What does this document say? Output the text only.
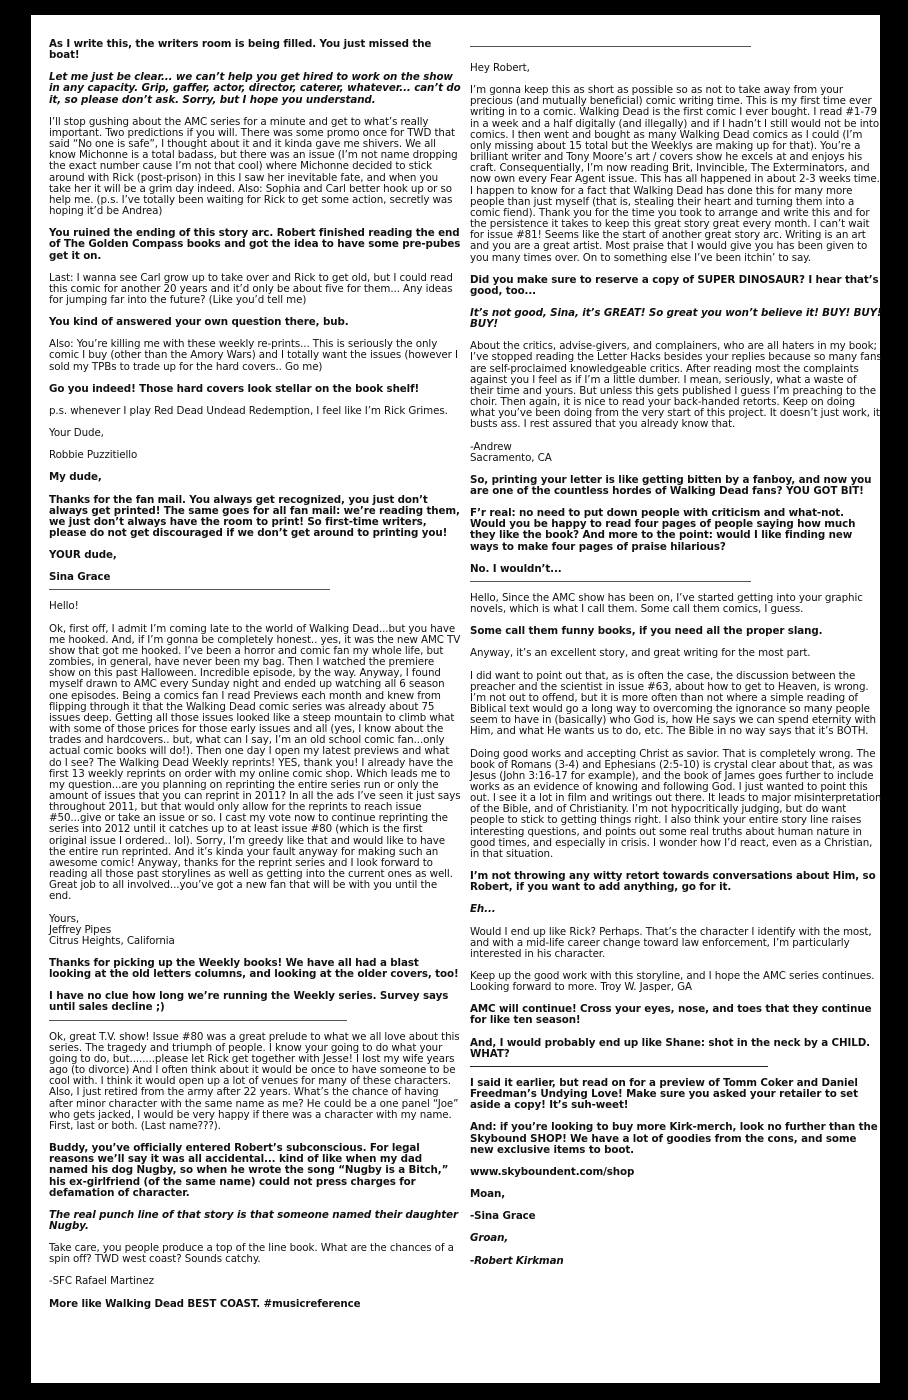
As I write this, the writers room is being filled. You just missed the boat!

Let me just be clear... we can’t help you get hired to work on the show in any capacity. Grip, gaffer, actor, director, caterer, whatever... can’t do it, so please don’t ask. Sorry, but I hope you understand.

I’ll stop gushing about the AMC series for a minute and get to what’s really important. Two predictions if you will. There was some promo once for TWD that said “No one is safe”, I thought about it and it kinda gave me shivers. We all know Michonne is a total badass, but there was an issue (I’m not name dropping the exact number cause I’m not that cool) where Michonne decided to stick around with Rick (post-prison) in this I saw her inevitable fate, and when you take her it will be a grim day indeed. Also: Sophia and Carl better hook up or so help me. (p.s. I’ve totally been waiting for Rick to get some action, secretly was hoping it’d be Andrea)

You ruined the ending of this story arc. Robert finished reading the end of The Golden Compass books and got the idea to have some pre-pubes get it on.

Last: I wanna see Carl grow up to take over and Rick to get old, but I could read this comic for another 20 years and it’d only be about five for them... Any ideas for jumping far into the future? (Like you’d tell me)

You kind of answered your own question there, bub.

Also: You’re killing me with these weekly re-prints... This is seriously the only comic I buy (other than the Amory Wars) and I totally want the issues (however I sold my TPBs to trade up for the hard covers.. Go me)

Go you indeed! Those hard covers look stellar on the book shelf!

p.s. whenever I play Red Dead Undead Redemption, I feel like I’m Rick Grimes.

Your Dude,

Robbie Puzzitiello

My dude,

Thanks for the fan mail. You always get recognized, you just don’t always get printed! The same goes for all fan mail: we’re reading them, we just don’t always have the room to print! So first-time writers, please do not get discouraged if we don’t get around to printing you!

YOUR dude,

Sina Grace

Hello!

Ok, first off, I admit I’m coming late to the world of Walking Dead...but you have me hooked. And, if I’m gonna be completely honest.. yes, it was the new AMC TV show that got me hooked. I’ve been a horror and comic fan my whole life, but zombies, in general, have never been my bag. Then I watched the premiere show on this past Halloween. Incredible episode, by the way. Anyway, I found myself drawn to AMC every Sunday night and ended up watching all 6 season one episodes. Being a comics fan I read Previews each month and knew from flipping through it that the Walking Dead comic series was already about 75 issues deep. Getting all those issues looked like a steep mountain to climb what with some of those prices for those early issues and all (yes, I know about the trades and hardcovers.. but, what can I say, I’m an old school comic fan...only actual comic books will do!). Then one day I open my latest previews and what do I see? The Walking Dead Weekly reprints! YES, thank you! I already have the first 13 weekly reprints on order with my online comic shop. Which leads me to my question...are you planning on reprinting the entire series run or only the amount of issues that you can reprint in 2011? In all the ads I’ve seen it just says throughout 2011, but that would only allow for the reprints to reach issue #50...give or take an issue or so. I cast my vote now to continue reprinting the series into 2012 until it catches up to at least issue #80 (which is the first original issue I ordered.. lol). Sorry, I’m greedy like that and would like to have the entire run reprinted. And it’s kinda your fault anyway for making such an awesome comic! Anyway, thanks for the reprint series and I look forward to reading all those past storylines as well as getting into the current ones as well. Great job to all involved...you’ve got a new fan that will be with you until the end.

Yours,
Jeffrey Pipes
Citrus Heights, California

Thanks for picking up the Weekly books! We have all had a blast looking at the old letters columns, and looking at the older covers, too!

I have no clue how long we’re running the Weekly series. Survey says until sales decline ;)

Ok, great T.V. show! Issue #80 was a great prelude to what we all love about this series. The tragedy and triumph of people. I know your going to do what your going to do, but........please let Rick get together with Jesse! I lost my wife years ago (to divorce) And I often think about it would be once to have someone to be cool with. I think it would open up a lot of venues for many of these characters. Also, I just retired from the army after 22 years. What’s the chance of having after minor character with the same name as me? He could be a one panel “Joe” who gets jacked, I would be very happy if there was a character with my name. First, last or both. (Last name???).

Buddy, you’ve officially entered Robert’s subconscious. For legal reasons we’ll say it was all accidental... kind of like when my dad named his dog Nugby, so when he wrote the song “Nugby is a Bitch,” his ex-girlfriend (of the same name) could not press charges for defamation of character.

The real punch line of that story is that someone named their daughter Nugby.

Take care, you people produce a top of the line book. What are the chances of a spin off? TWD west coast? Sounds catchy.

-SFC Rafael Martinez

More like Walking Dead BEST COAST. #musicreference

Hey Robert,

I’m gonna keep this as short as possible so as not to take away from your precious (and mutually beneficial) comic writing time. This is my first time ever writing in to a comic. Walking Dead is the first comic I ever bought. I read #1-79 in a week and a half digitally (and illegally) and if I hadn’t I still would not be into comics. I then went and bought as many Walking Dead comics as I could (I’m only missing about 15 total but the Weeklys are making up for that). You’re a brilliant writer and Tony Moore’s art / covers show he excels at and enjoys his craft. Consequentially, I’m now reading Brit, Invincible, The Exterminators, and now own every Fear Agent issue. This has all happened in about 2-3 weeks time. I happen to know for a fact that Walking Dead has done this for many more people than just myself (that is, stealing their heart and turning them into a comic fiend). Thank you for the time you took to arrange and write this and for the persistence it takes to keep this great story great every month. I can’t wait for issue #81! Seems like the start of another great story arc. Writing is an art and you are a great artist. Most praise that I would give you has been given to you many times over. On to something else I’ve been itchin’ to say.

Did you make sure to reserve a copy of SUPER DINOSAUR? I hear that’s good, too...

It’s not good, Sina, it’s GREAT! So great you won’t believe it! BUY! BUY! BUY!

About the critics, advise-givers, and complainers, who are all haters in my book; I’ve stopped reading the Letter Hacks besides your replies because so many fans are self-proclaimed knowledgeable critics. After reading most the complaints against you I feel as if I’m a little dumber. I mean, seriously, what a waste of their time and yours. But unless this gets published I guess I’m preaching to the choir. Then again, it is nice to read your back-handed retorts. Keep on doing what you’ve been doing from the very start of this project. It doesn’t just work, it busts ass. I rest assured that you already know that.

-Andrew
Sacramento, CA

So, printing your letter is like getting bitten by a fanboy, and now you are one of the countless hordes of Walking Dead fans? YOU GOT BIT!

F’r real: no need to put down people with criticism and what-not. Would you be happy to read four pages of people saying how much they like the book? And more to the point: would I like finding new ways to make four pages of praise hilarious?

No. I wouldn’t...

Hello, Since the AMC show has been on, I’ve started getting into your graphic novels, which is what I call them. Some call them comics, I guess.

Some call them funny books, if you need all the proper slang.

Anyway, it’s an excellent story, and great writing for the most part.

I did want to point out that, as is often the case, the discussion between the preacher and the scientist in issue #63, about how to get to Heaven, is wrong. I’m not out to offend, but it is more often than not where a simple reading of Biblical text would go a long way to overcoming the ignorance so many people seem to have in (basically) who God is, how He says we can spend eternity with Him, and what He wants us to do, etc. The Bible in no way says that it’s BOTH.

Doing good works and accepting Christ as savior. That is completely wrong. The book of Romans (3-4) and Ephesians (2:5-10) is crystal clear about that, as was Jesus (John 3:16-17 for example), and the book of James goes further to include works as an evidence of knowing and following God. I just wanted to point this out. I see it a lot in film and writings out there. It leads to major misinterpretation of the Bible, and of Christianity. I’m not hypocritically judging, but do want people to stick to getting things right. I also think your entire story line raises interesting questions, and points out some real truths about human nature in good times, and especially in crisis. I wonder how I’d react, even as a Christian, in that situation.

I’m not throwing any witty retort towards conversations about Him, so Robert, if you want to add anything, go for it.

Eh...

Would I end up like Rick? Perhaps. That’s the character I identify with the most, and with a mid-life career change toward law enforcement, I’m particularly interested in his character.

Keep up the good work with this storyline, and I hope the AMC series continues. Looking forward to more. Troy W. Jasper, GA

AMC will continue! Cross your eyes, nose, and toes that they continue for like ten season!

And, I would probably end up like Shane: shot in the neck by a CHILD. WHAT?

I said it earlier, but read on for a preview of Tomm Coker and Daniel Freedman’s Undying Love! Make sure you asked your retailer to set aside a copy! It’s suh-weet!

And: if you’re looking to buy more Kirk-merch, look no further than the Skybound SHOP! We have a lot of goodies from the cons, and some new exclusive items to boot.

www.skyboundent.com/shop

Moan,

-Sina Grace

Groan,

-Robert Kirkman
